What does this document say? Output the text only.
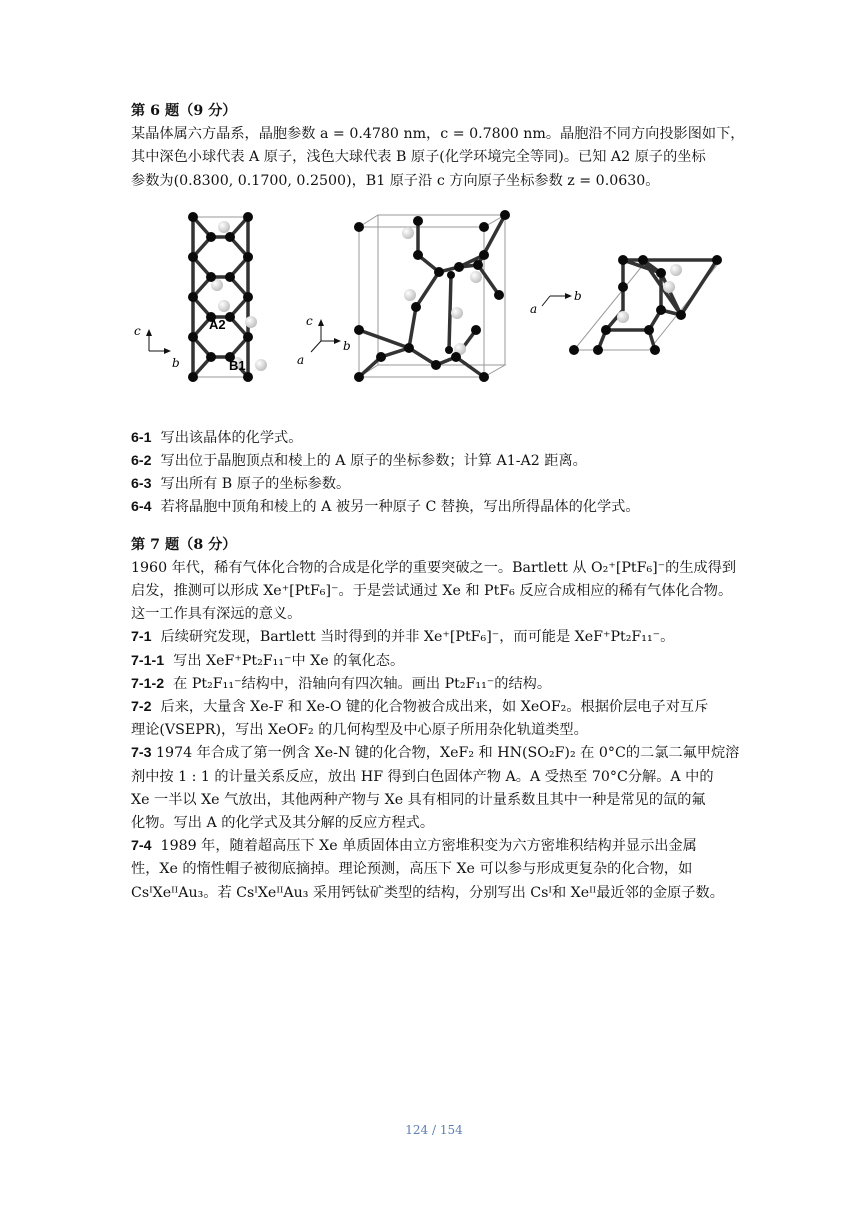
第 6 题（9 分）

某晶体属六方晶系，晶胞参数 a = 0.4780 nm，c = 0.7800 nm。晶胞沿不同方向投影图如下，

其中深色小球代表 A 原子，浅色大球代表 B 原子(化学环境完全等同)。已知 A2 原子的坐标

参数为(0.8300, 0.1700, 0.2500)，B1 原子沿 c 方向原子坐标参数 z = 0.0630。

A2
B1
c
b
c
b
a
b
a

6-1 写出该晶体的化学式。

6-2 写出位于晶胞顶点和棱上的 A 原子的坐标参数；计算 A1-A2 距离。

6-3 写出所有 B 原子的坐标参数。

6-4 若将晶胞中顶角和棱上的 A 被另一种原子 C 替换，写出所得晶体的化学式。

第 7 题（8 分）

1960 年代，稀有气体化合物的合成是化学的重要突破之一。Bartlett 从 O₂⁺[PtF₆]⁻的生成得到

启发，推测可以形成 Xe⁺[PtF₆]⁻。于是尝试通过 Xe 和 PtF₆ 反应合成相应的稀有气体化合物。

这一工作具有深远的意义。

7-1 后续研究发现，Bartlett 当时得到的并非 Xe⁺[PtF₆]⁻，而可能是 XeF⁺Pt₂F₁₁⁻。

7-1-1 写出 XeF⁺Pt₂F₁₁⁻中 Xe 的氧化态。

7-1-2 在 Pt₂F₁₁⁻结构中，沿轴向有四次轴。画出 Pt₂F₁₁⁻的结构。

7-2 后来，大量含 Xe-F 和 Xe-O 键的化合物被合成出来，如 XeOF₂。根据价层电子对互斥

理论(VSEPR)，写出 XeOF₂ 的几何构型及中心原子所用杂化轨道类型。

7-3 1974 年合成了第一例含 Xe-N 键的化合物，XeF₂ 和 HN(SO₂F)₂ 在 0°C的二氯二氟甲烷溶

剂中按 1 : 1 的计量关系反应，放出 HF 得到白色固体产物 A。A 受热至 70°C分解。A 中的

Xe 一半以 Xe 气放出，其他两种产物与 Xe 具有相同的计量系数且其中一种是常见的氙的氟

化物。写出 A 的化学式及其分解的反应方程式。

7-4 1989 年，随着超高压下 Xe 单质固体由立方密堆积变为六方密堆积结构并显示出金属

性，Xe 的惰性帽子被彻底摘掉。理论预测，高压下 Xe 可以参与形成更复杂的化合物，如

CsᴵXeᴵᴵAu₃。若 CsᴵXeᴵᴵAu₃ 采用钙钛矿类型的结构，分别写出 Csᴵ和 Xeᴵᴵ最近邻的金原子数。

124 / 154
